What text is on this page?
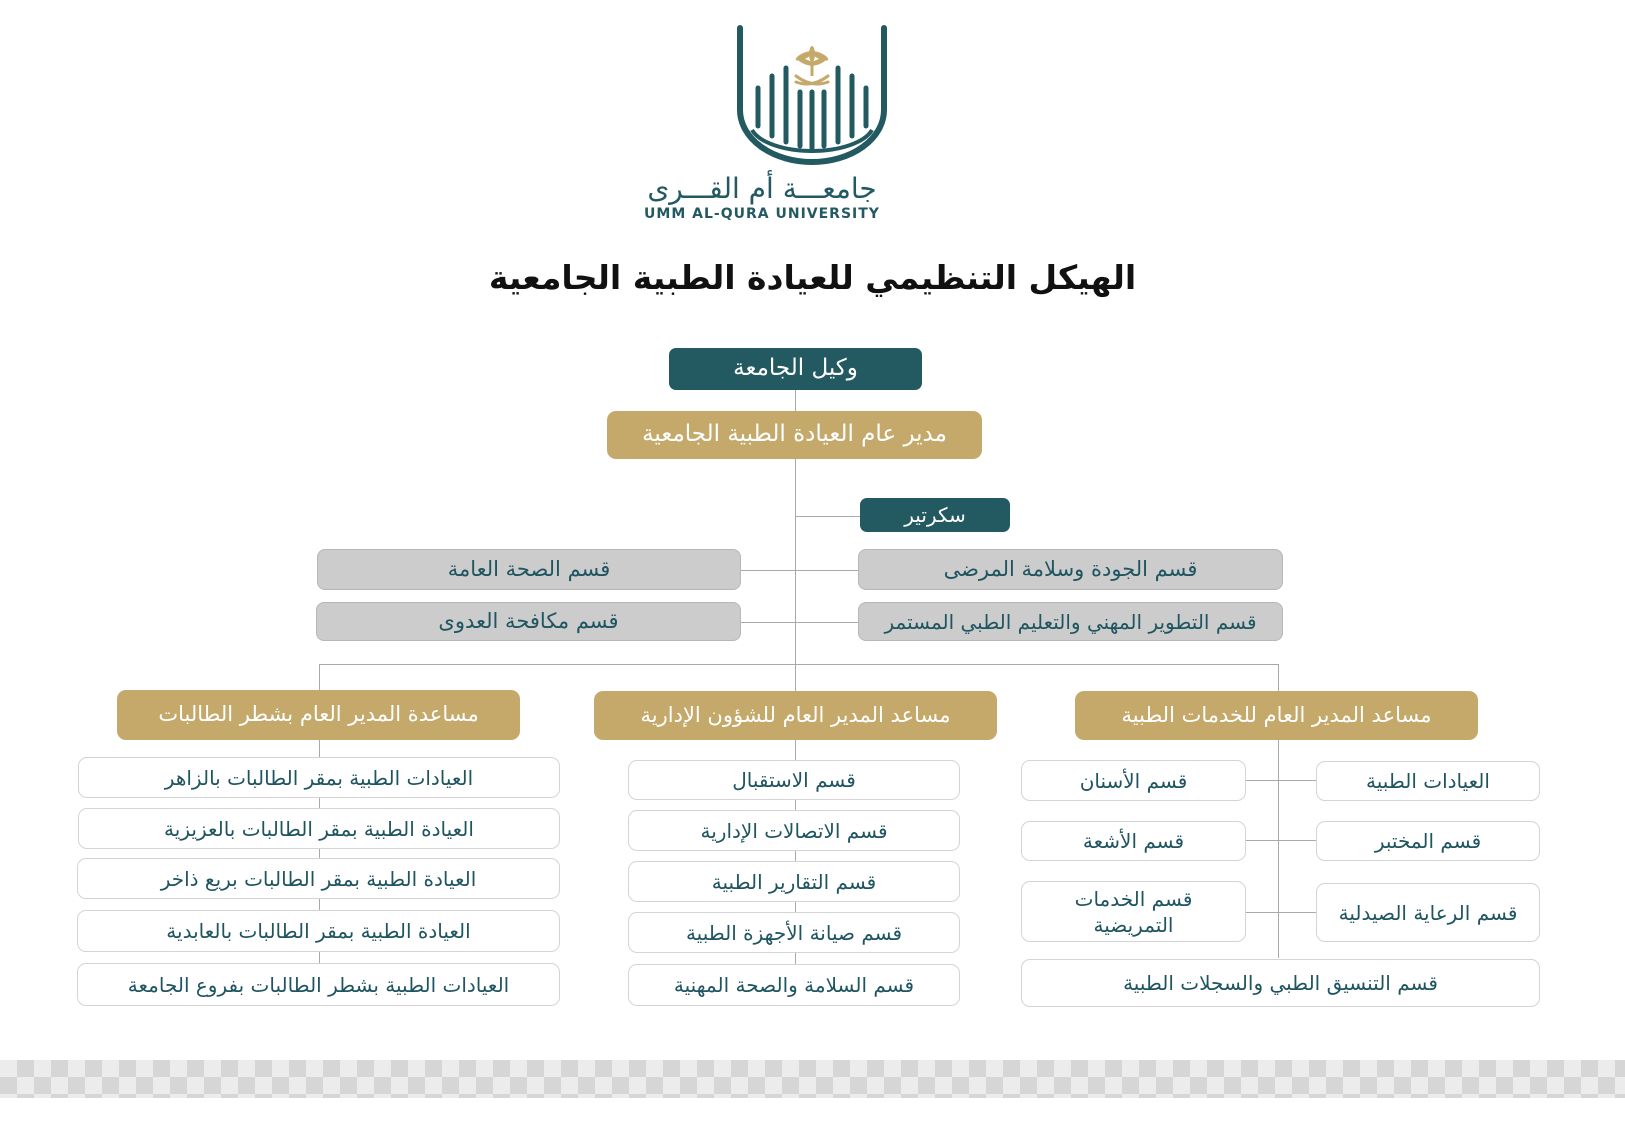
جامعـــة أم القـــرى
UMM AL-QURA UNIVERSITY
الهيكل التنظيمي للعيادة الطبية الجامعية
وكيل الجامعة
مدير عام العيادة الطبية الجامعية
سكرتير
قسم الجودة وسلامة المرضى
قسم الصحة العامة
قسم التطوير المهني والتعليم الطبي المستمر
قسم مكافحة العدوى
مساعد المدير العام للخدمات الطبية
مساعد المدير العام للشؤون الإدارية
مساعدة المدير العام بشطر الطالبات
العيادات الطبية بمقر الطالبات بالزاهر
العيادة الطبية بمقر الطالبات بالعزيزية
العيادة الطبية بمقر الطالبات بريع ذاخر
العيادة الطبية بمقر الطالبات بالعابدية
العيادات الطبية بشطر الطالبات بفروع الجامعة
قسم الاستقبال
قسم الاتصالات الإدارية
قسم التقارير الطبية
قسم صيانة الأجهزة الطبية
قسم السلامة والصحة المهنية
العيادات الطبية
قسم الأسنان
قسم المختبر
قسم الأشعة
قسم الرعاية الصيدلية
قسم الخدمات التمريضية
قسم التنسيق الطبي والسجلات الطبية
